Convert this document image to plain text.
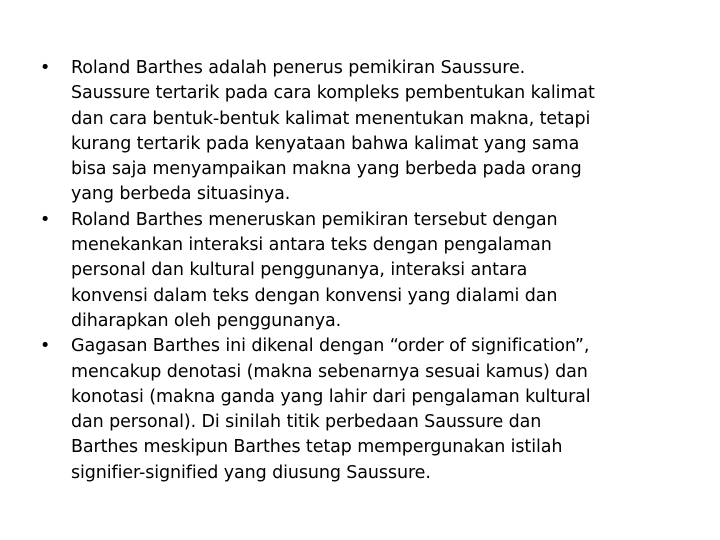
• Roland Barthes adalah penerus pemikiran Saussure.
Saussure tertarik pada cara kompleks pembentukan kalimat
dan cara bentuk-bentuk kalimat menentukan makna, tetapi
kurang tertarik pada kenyataan bahwa kalimat yang sama
bisa saja menyampaikan makna yang berbeda pada orang
yang berbeda situasinya.
• Roland Barthes meneruskan pemikiran tersebut dengan
menekankan interaksi antara teks dengan pengalaman
personal dan kultural penggunanya, interaksi antara
konvensi dalam teks dengan konvensi yang dialami dan
diharapkan oleh penggunanya.
• Gagasan Barthes ini dikenal dengan “order of signification”,
mencakup denotasi (makna sebenarnya sesuai kamus) dan
konotasi (makna ganda yang lahir dari pengalaman kultural
dan personal). Di sinilah titik perbedaan Saussure dan
Barthes meskipun Barthes tetap mempergunakan istilah
signifier-signified yang diusung Saussure.
